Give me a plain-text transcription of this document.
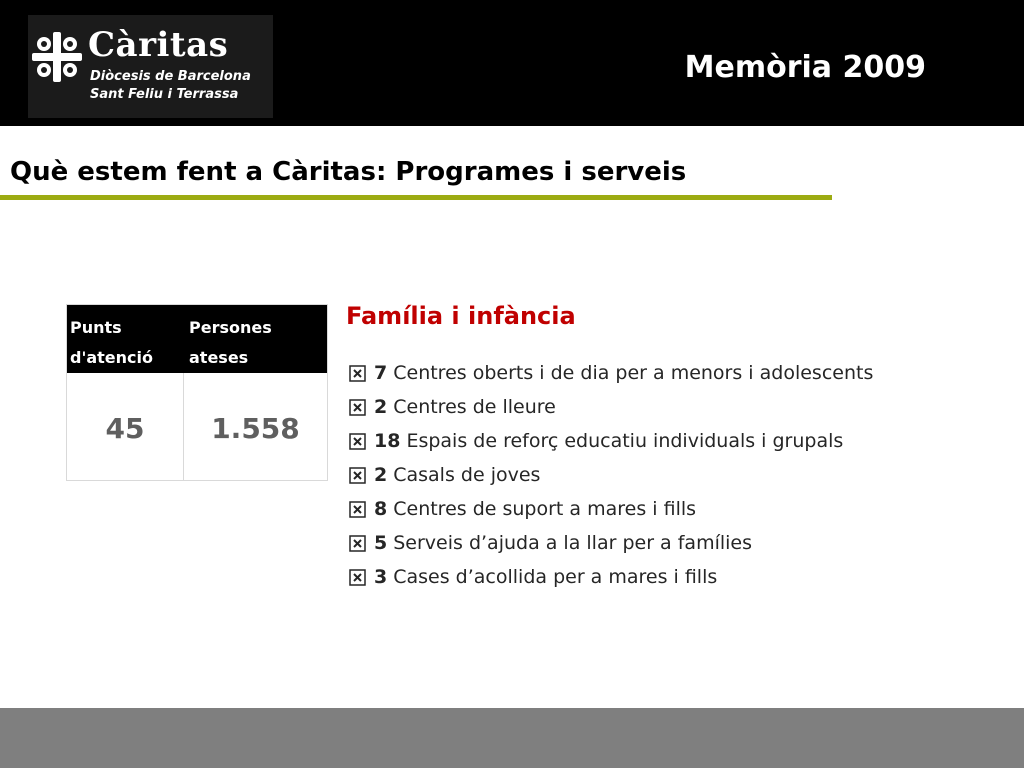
Càritas
Diòcesis de Barcelona
Sant Feliu i Terrassa
Memòria 2009
Què estem fent a Càritas: Programes i serveis
Punts d'atenció
Persones ateses
45	1.558
Família i infància
7 Centres oberts i de dia per a menors i adolescents
2 Centres de lleure
18 Espais de reforç educatiu individuals i grupals
2 Casals de joves
8 Centres de suport a mares i fills
5 Serveis d’ajuda a la llar per a famílies
3 Cases d’acollida per a mares i fills
